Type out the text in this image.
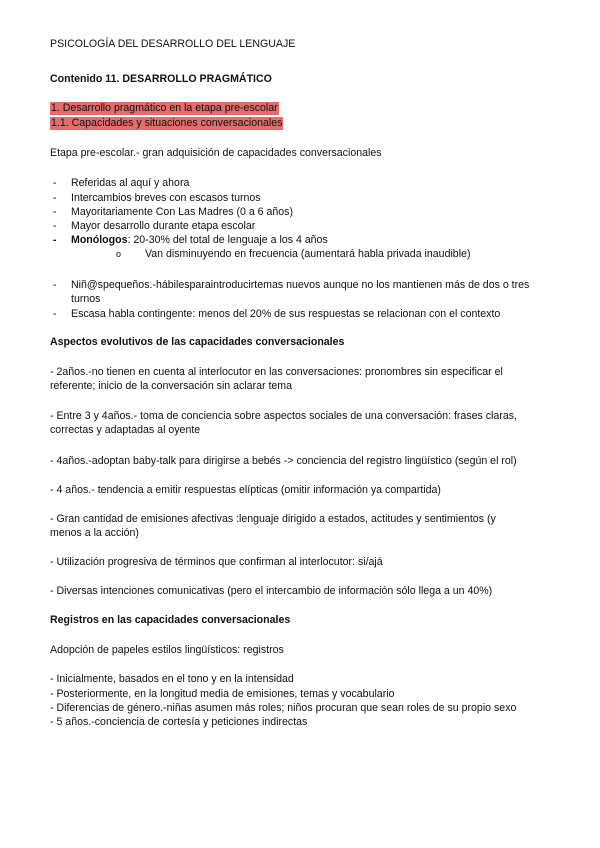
PSICOLOGÍA DEL DESARROLLO DEL LENGUAJE
Contenido 11. DESARROLLO PRAGMÁTICO
1. Desarrollo pragmático en la etapa pre-escolar
1.1. Capacidades y situaciones conversacionales
Etapa pre-escolar.- gran adquisición de capacidades conversacionales
- Referidas al aquí y ahora
- Intercambios breves con escasos turnos
- Mayoritariamente Con Las Madres (0 a 6 años)
- Mayor desarrollo durante etapa escolar
- Monólogos: 20-30% del total de lenguaje a los 4 años
o Van disminuyendo en frecuencia (aumentará habla privada inaudible)
- Niñ@spequeños.-hábilesparaintroducirtemas nuevos aunque no los mantienen más de dos o tres
turnos
- Escasa habla contingente: menos del 20% de sus respuestas se relacionan con el contexto
Aspectos evolutivos de las capacidades conversacionales
- 2años.-no tienen en cuenta al interlocutor en las conversaciones: pronombres sin especificar el
referente; inicio de la conversación sin aclarar tema
- Entre 3 y 4años.- toma de conciencia sobre aspectos sociales de una conversación: frases claras,
correctas y adaptadas al oyente
- 4años.-adoptan baby-talk para dirigirse a bebés -> conciencia del registro lingüístico (según el rol)
- 4 años.- tendencia a emitir respuestas elípticas (omitir información ya compartida)
- Gran cantidad de emisiones afectivas :lenguaje dirigido a estados, actitudes y sentimientos (y
menos a la acción)
- Utilización progresiva de términos que confirman al interlocutor: si/ajá
- Diversas intenciones comunicativas (pero el intercambio de información sólo llega a un 40%)
Registros en las capacidades conversacionales
Adopción de papeles estilos lingüísticos: registros
- Inicialmente, basados en el tono y en la intensidad
- Posteriormente, en la longitud media de emisiones, temas y vocabulario
- Diferencias de género.-niñas asumen más roles; niños procuran que sean roles de su propio sexo
- 5 años.-conciencia de cortesía y peticiones indirectas
